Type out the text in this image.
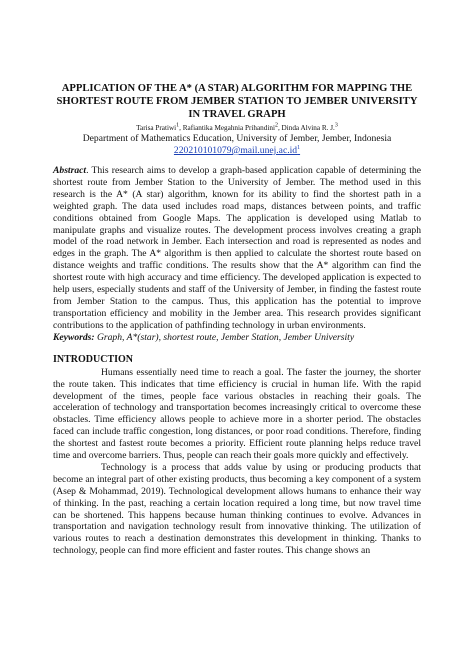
APPLICATION OF THE A* (A STAR) ALGORITHM FOR MAPPING THE SHORTEST ROUTE FROM JEMBER STATION TO JEMBER UNIVERSITY IN TRAVEL GRAPH
Tarisa Pratiwi$^1$, Rafiantika Megahnia Prihandini$^2$, Dinda Alvina R. J.$^3$
Department of Mathematics Education, University of Jember, Jember, Indonesia
$220210101079@mail.unej.ac.id^1$

Abstract. This research aims to develop a graph-based application capable of determining the shortest route from Jember Station to the University of Jember. The method used in this research is the A* (A star) algorithm, known for its ability to find the shortest path in a weighted graph. The data used includes road maps, distances between points, and traffic conditions obtained from Google Maps. The application is developed using Matlab to manipulate graphs and visualize routes. The development process involves creating a graph model of the road network in Jember. Each intersection and road is represented as nodes and edges in the graph. The A* algorithm is then applied to calculate the shortest route based on distance weights and traffic conditions. The results show that the A* algorithm can find the shortest route with high accuracy and time efficiency. The developed application is expected to help users, especially students and staff of the University of Jember, in finding the fastest route from Jember Station to the campus. Thus, this application has the potential to improve transportation efficiency and mobility in the Jember area. This research provides significant contributions to the application of pathfinding technology in urban environments.

Keywords: Graph, A*(star), shortest route, Jember Station, Jember University

INTRODUCTION

Humans essentially need time to reach a goal. The faster the journey, the shorter the route taken. This indicates that time efficiency is crucial in human life. With the rapid development of the times, people face various obstacles in reaching their goals. The acceleration of technology and transportation becomes increasingly critical to overcome these obstacles. Time efficiency allows people to achieve more in a shorter period. The obstacles faced can include traffic congestion, long distances, or poor road conditions. Therefore, finding the shortest and fastest route becomes a priority. Efficient route planning helps reduce travel time and overcome barriers. Thus, people can reach their goals more quickly and effectively.

Technology is a process that adds value by using or producing products that become an integral part of other existing products, thus becoming a key component of a system (Asep & Mohammad, 2019). Technological development allows humans to enhance their way of thinking. In the past, reaching a certain location required a long time, but now travel time can be shortened. This happens because human thinking continues to evolve. Advances in transportation and navigation technology result from innovative thinking. The utilization of various routes to reach a destination demonstrates this development in thinking. Thanks to technology, people can find more efficient and faster routes. This change shows an
